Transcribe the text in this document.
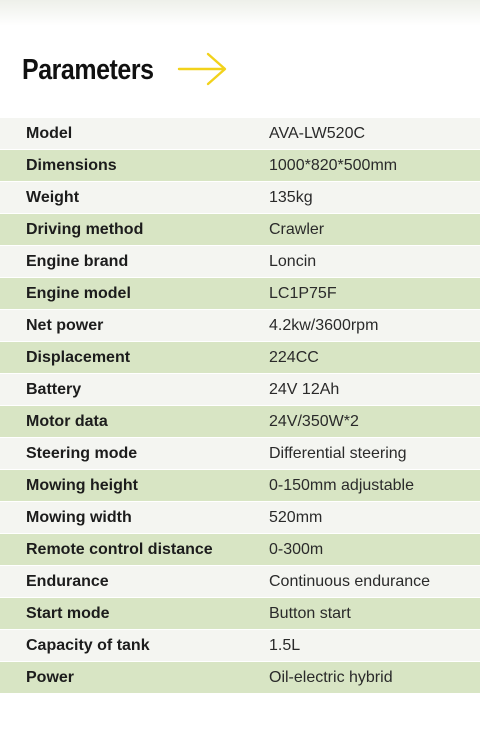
Parameters
Model	AVA-LW520C
Dimensions	1000*820*500mm
Weight	135kg
Driving method	Crawler
Engine brand	Loncin
Engine model	LC1P75F
Net power	4.2kw/3600rpm
Displacement	224CC
Battery	24V 12Ah
Motor data	24V/350W*2
Steering mode	Differential steering
Mowing height	0-150mm adjustable
Mowing width	520mm
Remote control distance	0-300m
Endurance	Continuous endurance
Start mode	Button start
Capacity of tank	1.5L
Power	Oil-electric hybrid
